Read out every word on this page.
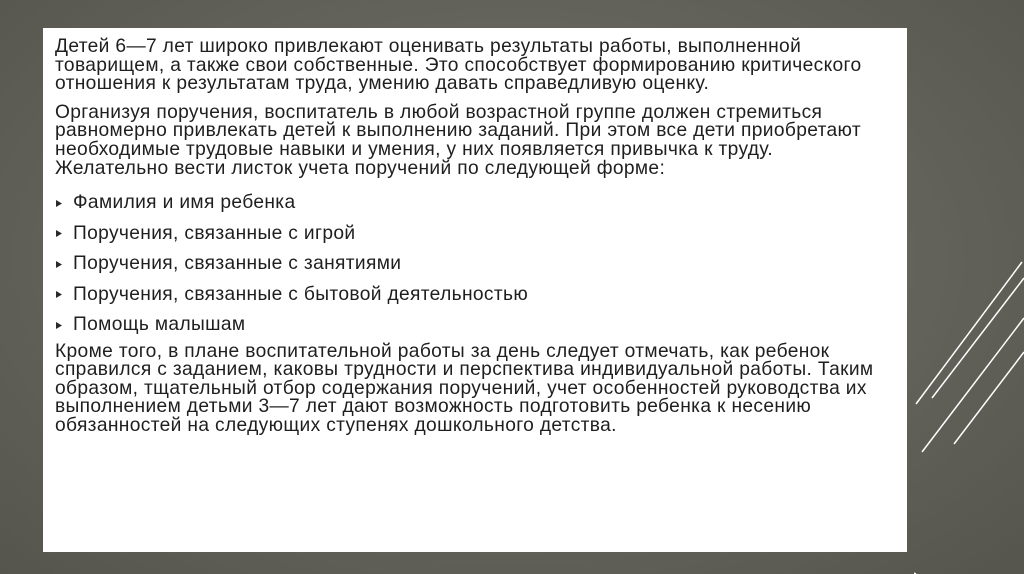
Детей 6—7 лет широко привлекают оценивать результаты работы, выполненной товарищем, а также свои собственные. Это способствует формированию критического отношения к результатам труда, умению давать справедливую оценку.

Организуя поручения, воспитатель в любой возрастной группе должен стремиться равномерно привлекать детей к выполнению заданий. При этом все дети приобретают необходимые трудовые навыки и умения, у них появляется привычка к труду. Желательно вести листок учета поручений по следующей форме:

Фамилия и имя ребенка
Поручения, связанные с игрой
Поручения, связанные с занятиями
Поручения, связанные с бытовой деятельностью
Помощь малышам

Кроме того, в плане воспитательной работы за день следует отмечать, как ребенок справился с заданием, каковы трудности и перспектива индивидуальной работы. Таким образом, тщательный отбор содержания поручений, учет особенностей руководства их выполнением детьми 3—7 лет дают возможность подготовить ребенка к несению обязанностей на следующих ступенях дошкольного детства.
